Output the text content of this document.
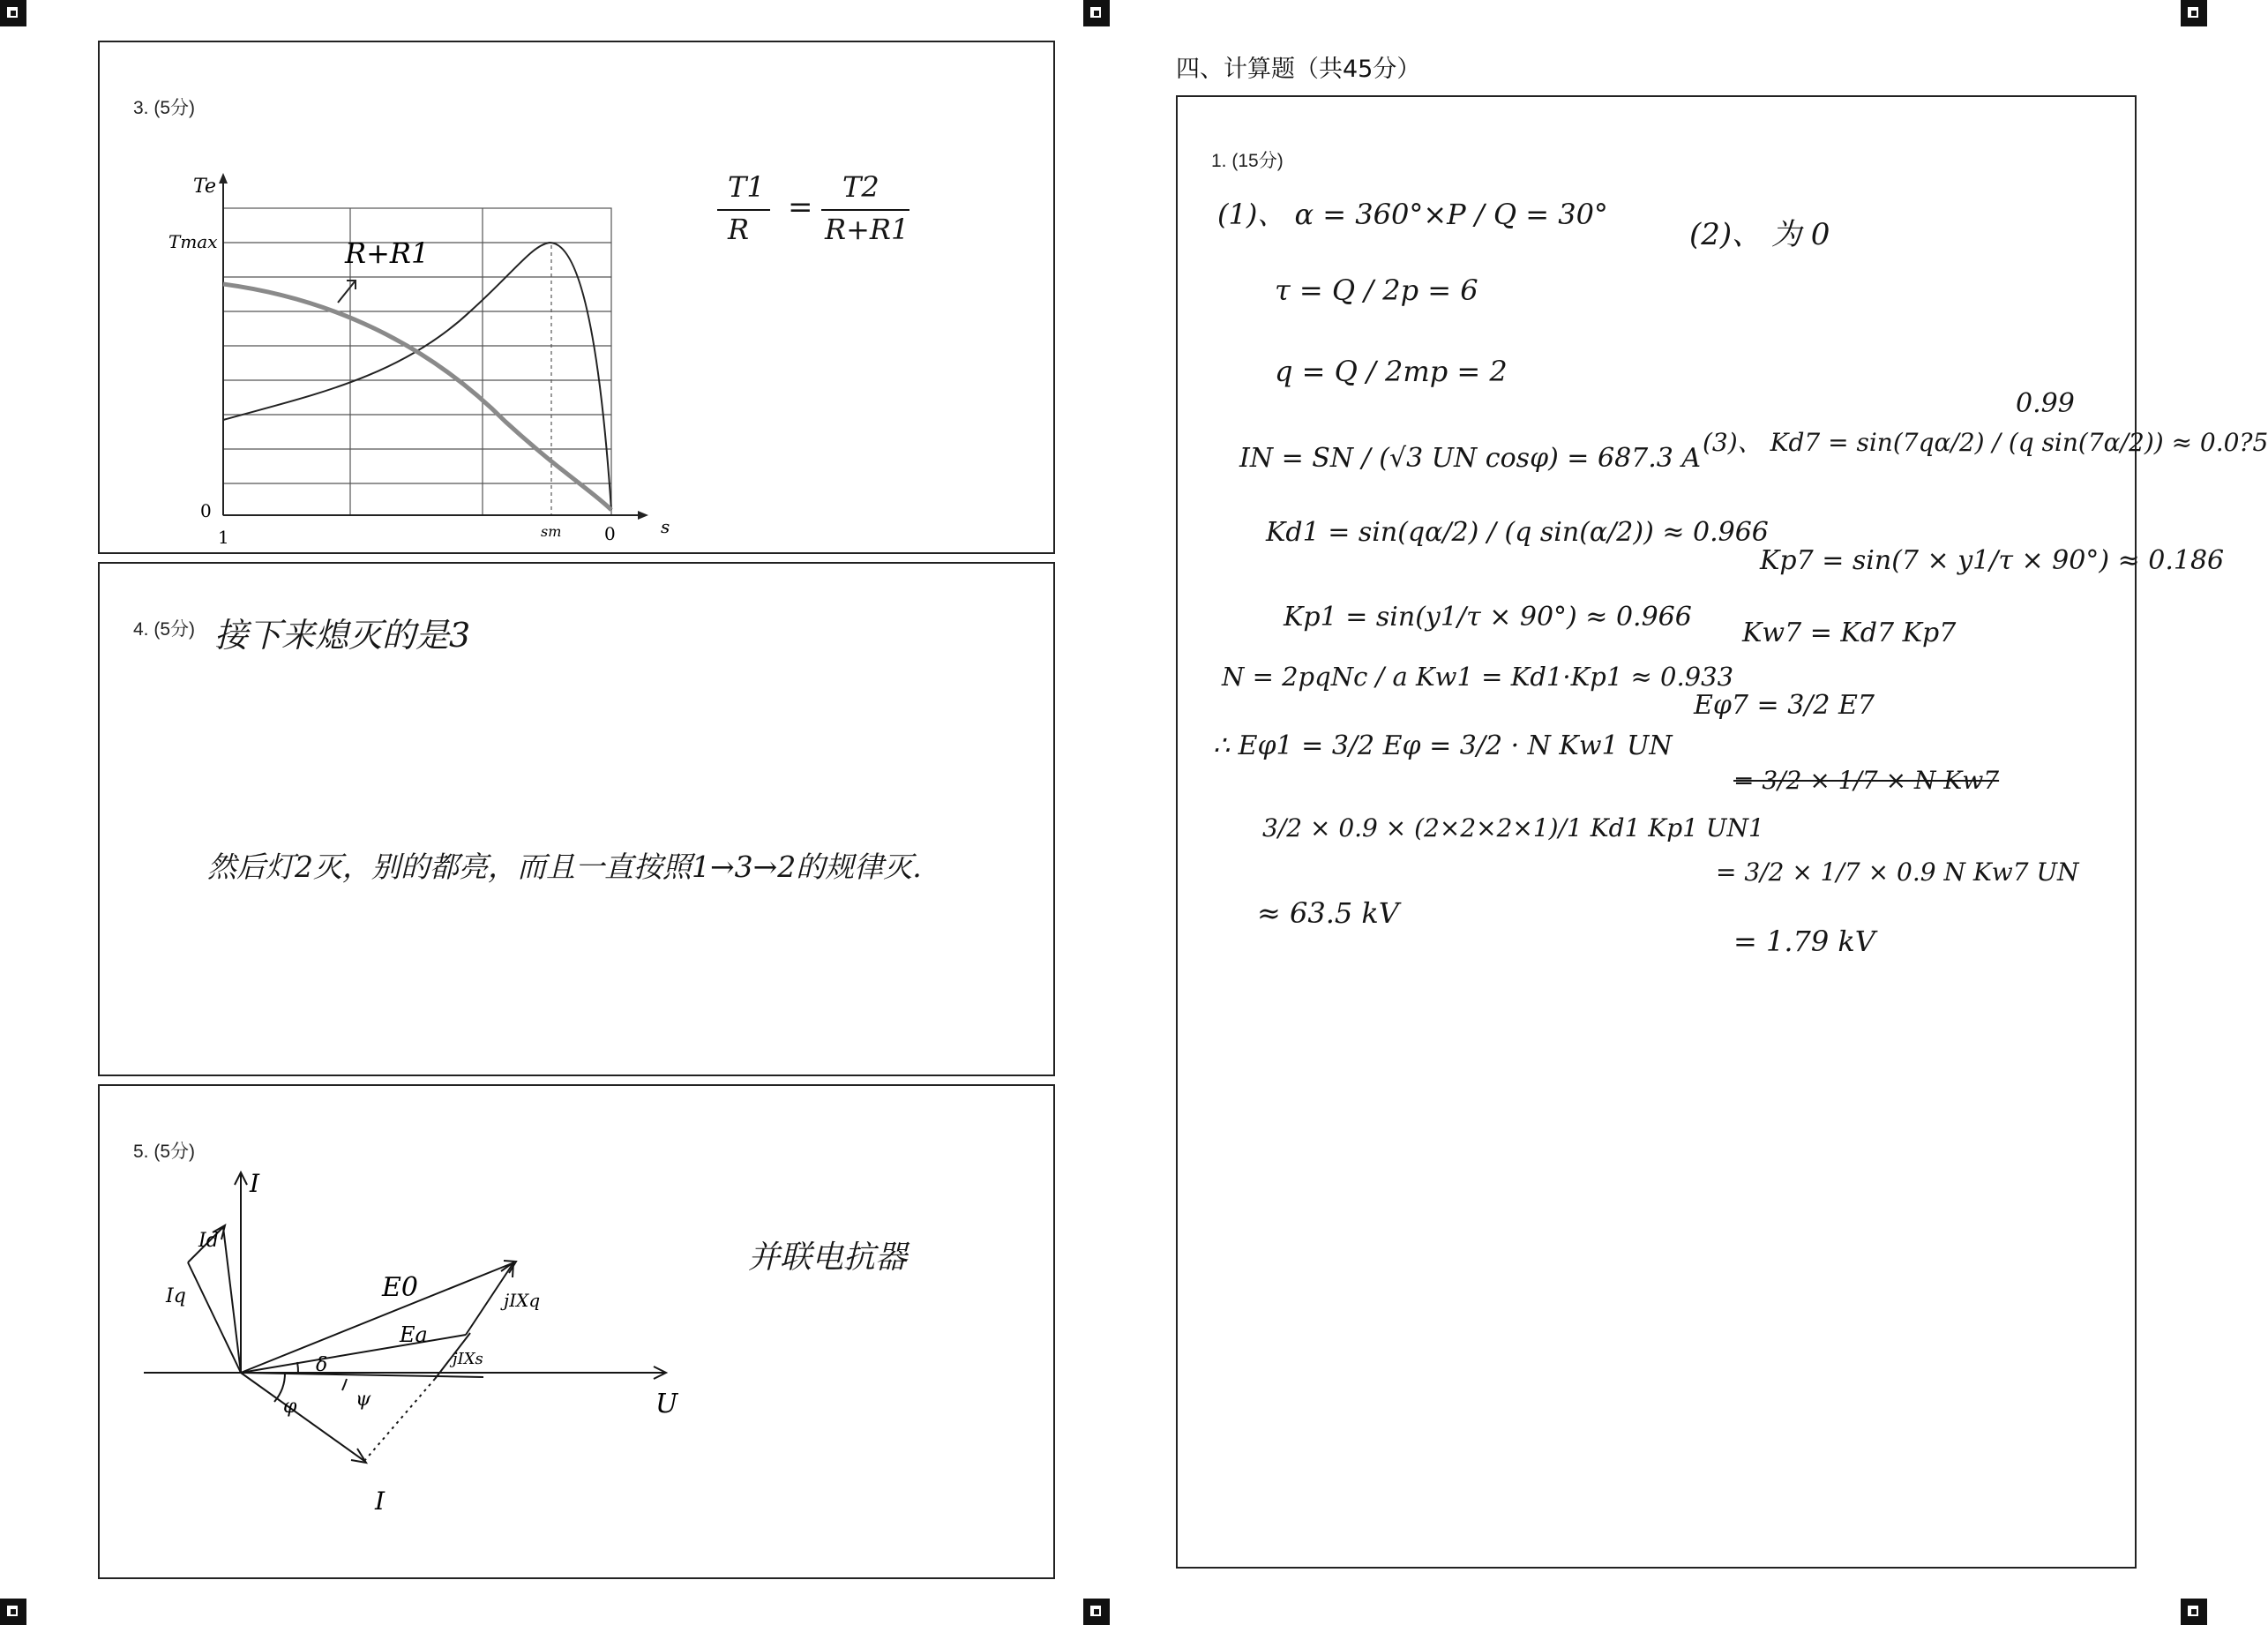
3. (5分)
Te
Tmax
0
1	sm 0	s
R+R1
T1
R
=
T2
R+R1
4. (5分) 接下来熄灭的是3
然后灯2灭，别的都亮，而且一直按照1→3→2的规律灭.
5. (5分)
I
Id
Iq	E0
Ea
jIXq
jIXs
U
I
δ
φ	ψ
并联电抗器
四、计算题（共45分）
1. (15分)
(1)、 α = 360°×P / Q = 30°
τ = Q / 2p = 6
q = Q / 2mp = 2
IN = SN / (√3 UN cosφ) = 687.3 A
Kd1 = sin(qα/2) / (q sin(α/2)) ≈ 0.966
Kp1 = sin(y1/τ × 90°) ≈ 0.966
N = 2pqNc / a Kw1 = Kd1·Kp1 ≈ 0.933
∴ Eφ1 = 3/2 Eφ = 3/2 · N Kw1 UN
3/2 × 0.9 × (2×2×2×1)/1 Kd1 Kp1 UN1
≈ 63.5 kV
(2)、 为 0
0.99
(3)、 Kd7 = sin(7qα/2) / (q sin(7α/2)) ≈ 0.0?5
Kp7 = sin(7 × y1/τ × 90°) ≈ 0.186
Kw7 = Kd7 Kp7
Eφ7 = 3/2 E7
= 3/2 × 1/7 × N Kw7
= 3/2 × 1/7 × 0.9 N Kw7 UN
= 1.79 kV
